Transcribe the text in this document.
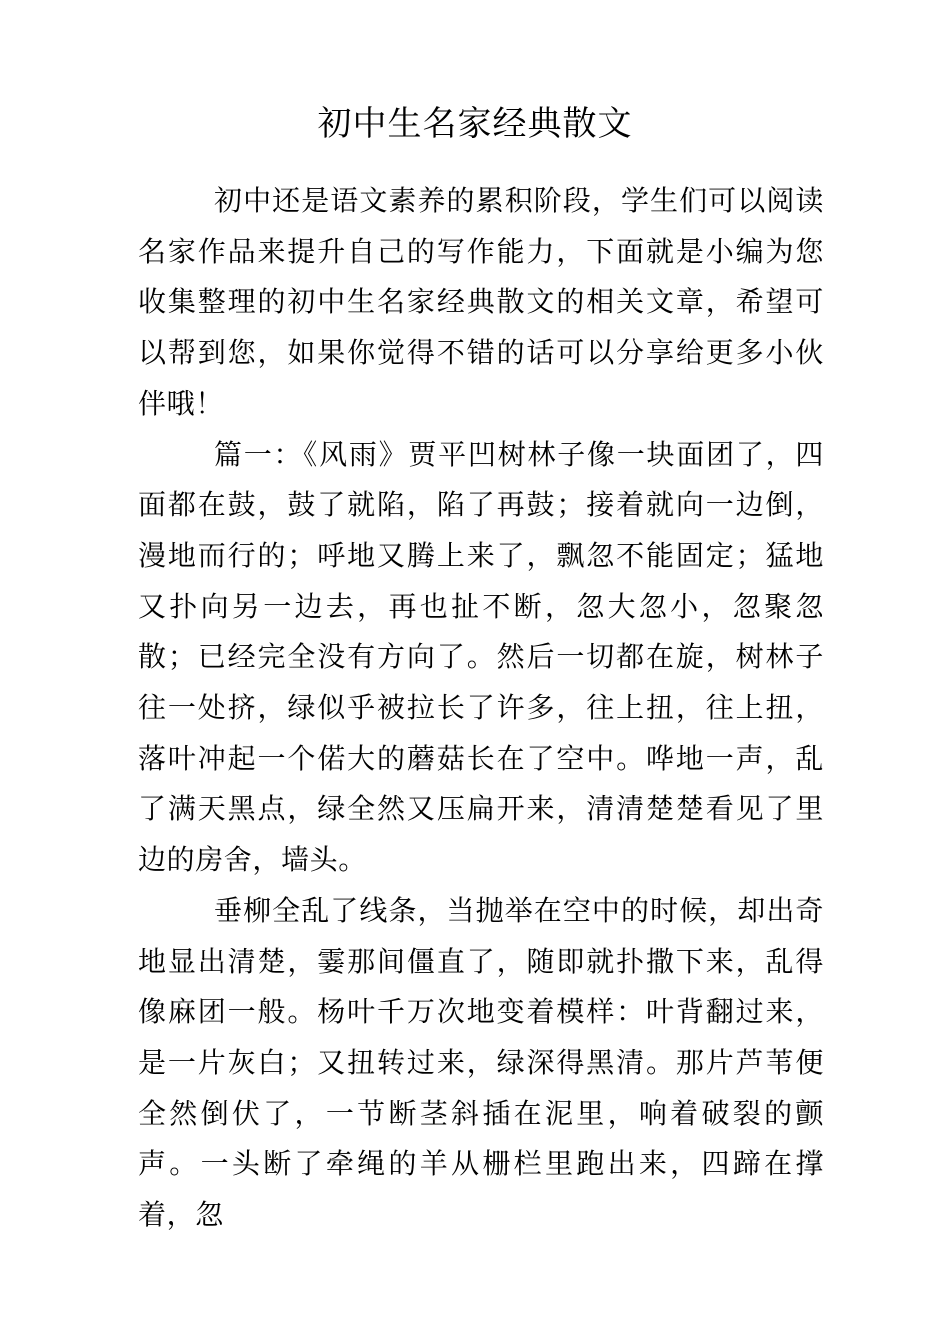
初中生名家经典散文

初中还是语文素养的累积阶段，学生们可以阅读名家作品来提升自己的写作能力，下面就是小编为您收集整理的初中生名家经典散文的相关文章，希望可以帮到您，如果你觉得不错的话可以分享给更多小伙伴哦！

篇一：《风雨》贾平凹树林子像一块面团了，四面都在鼓，鼓了就陷，陷了再鼓；接着就向一边倒，漫地而行的；呼地又腾上来了，飘忽不能固定；猛地又扑向另一边去，再也扯不断，忽大忽小，忽聚忽散；已经完全没有方向了。然后一切都在旋，树林子往一处挤，绿似乎被拉长了许多，往上扭，往上扭，落叶冲起一个偌大的蘑菇长在了空中。哗地一声，乱了满天黑点，绿全然又压扁开来，清清楚楚看见了里边的房舍，墙头。

垂柳全乱了线条，当抛举在空中的时候，却出奇地显出清楚，霎那间僵直了，随即就扑撒下来，乱得像麻团一般。杨叶千万次地变着模样：叶背翻过来，是一片灰白；又扭转过来，绿深得黑清。那片芦苇便全然倒伏了，一节断茎斜插在泥里，响着破裂的颤声。一头断了牵绳的羊从栅栏里跑出来，四蹄在撑着，忽
